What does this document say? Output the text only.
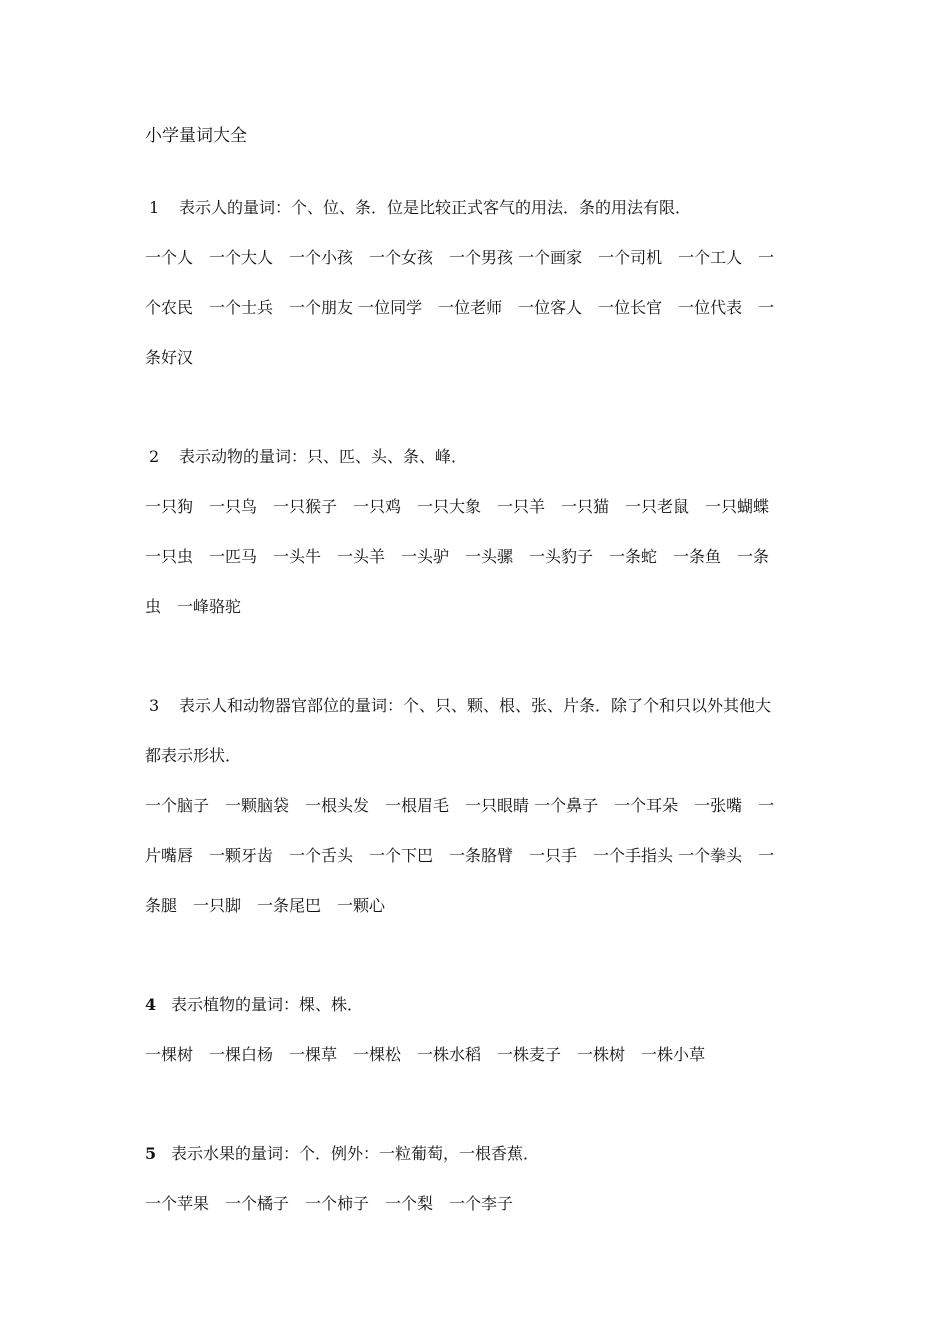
小学量词大全
1 表示人的量词：个、位、条．位是比较正式客气的用法．条的用法有限．
一个人　一个大人　一个小孩　一个女孩　一个男孩 一个画家　一个司机　一个工人　一
个农民　一个士兵　一个朋友 一位同学　一位老师　一位客人　一位长官　一位代表　一
条好汉
2 表示动物的量词：只、匹、头、条、峰．
一只狗　一只鸟　一只猴子　一只鸡　一只大象　一只羊　一只猫　一只老鼠　一只蝴蝶
一只虫　一匹马　一头牛　一头羊　一头驴　一头骡　一头豹子　一条蛇　一条鱼　一条
虫　一峰骆驼
3 表示人和动物器官部位的量词：个、只、颗、根、张、片条．除了个和只以外其他大
都表示形状．
一个脑子　一颗脑袋　一根头发　一根眉毛　一只眼睛 一个鼻子　一个耳朵　一张嘴　一
片嘴唇　一颗牙齿　一个舌头　一个下巴　一条胳臂　一只手　一个手指头 一个拳头　一
条腿　一只脚　一条尾巴　一颗心
4 表示植物的量词：棵、株．
一棵树　一棵白杨　一棵草　一棵松　一株水稻　一株麦子　一株树　一株小草
5 表示水果的量词：个．例外：一粒葡萄，一根香蕉．
一个苹果　一个橘子　一个柿子　一个梨　一个李子
